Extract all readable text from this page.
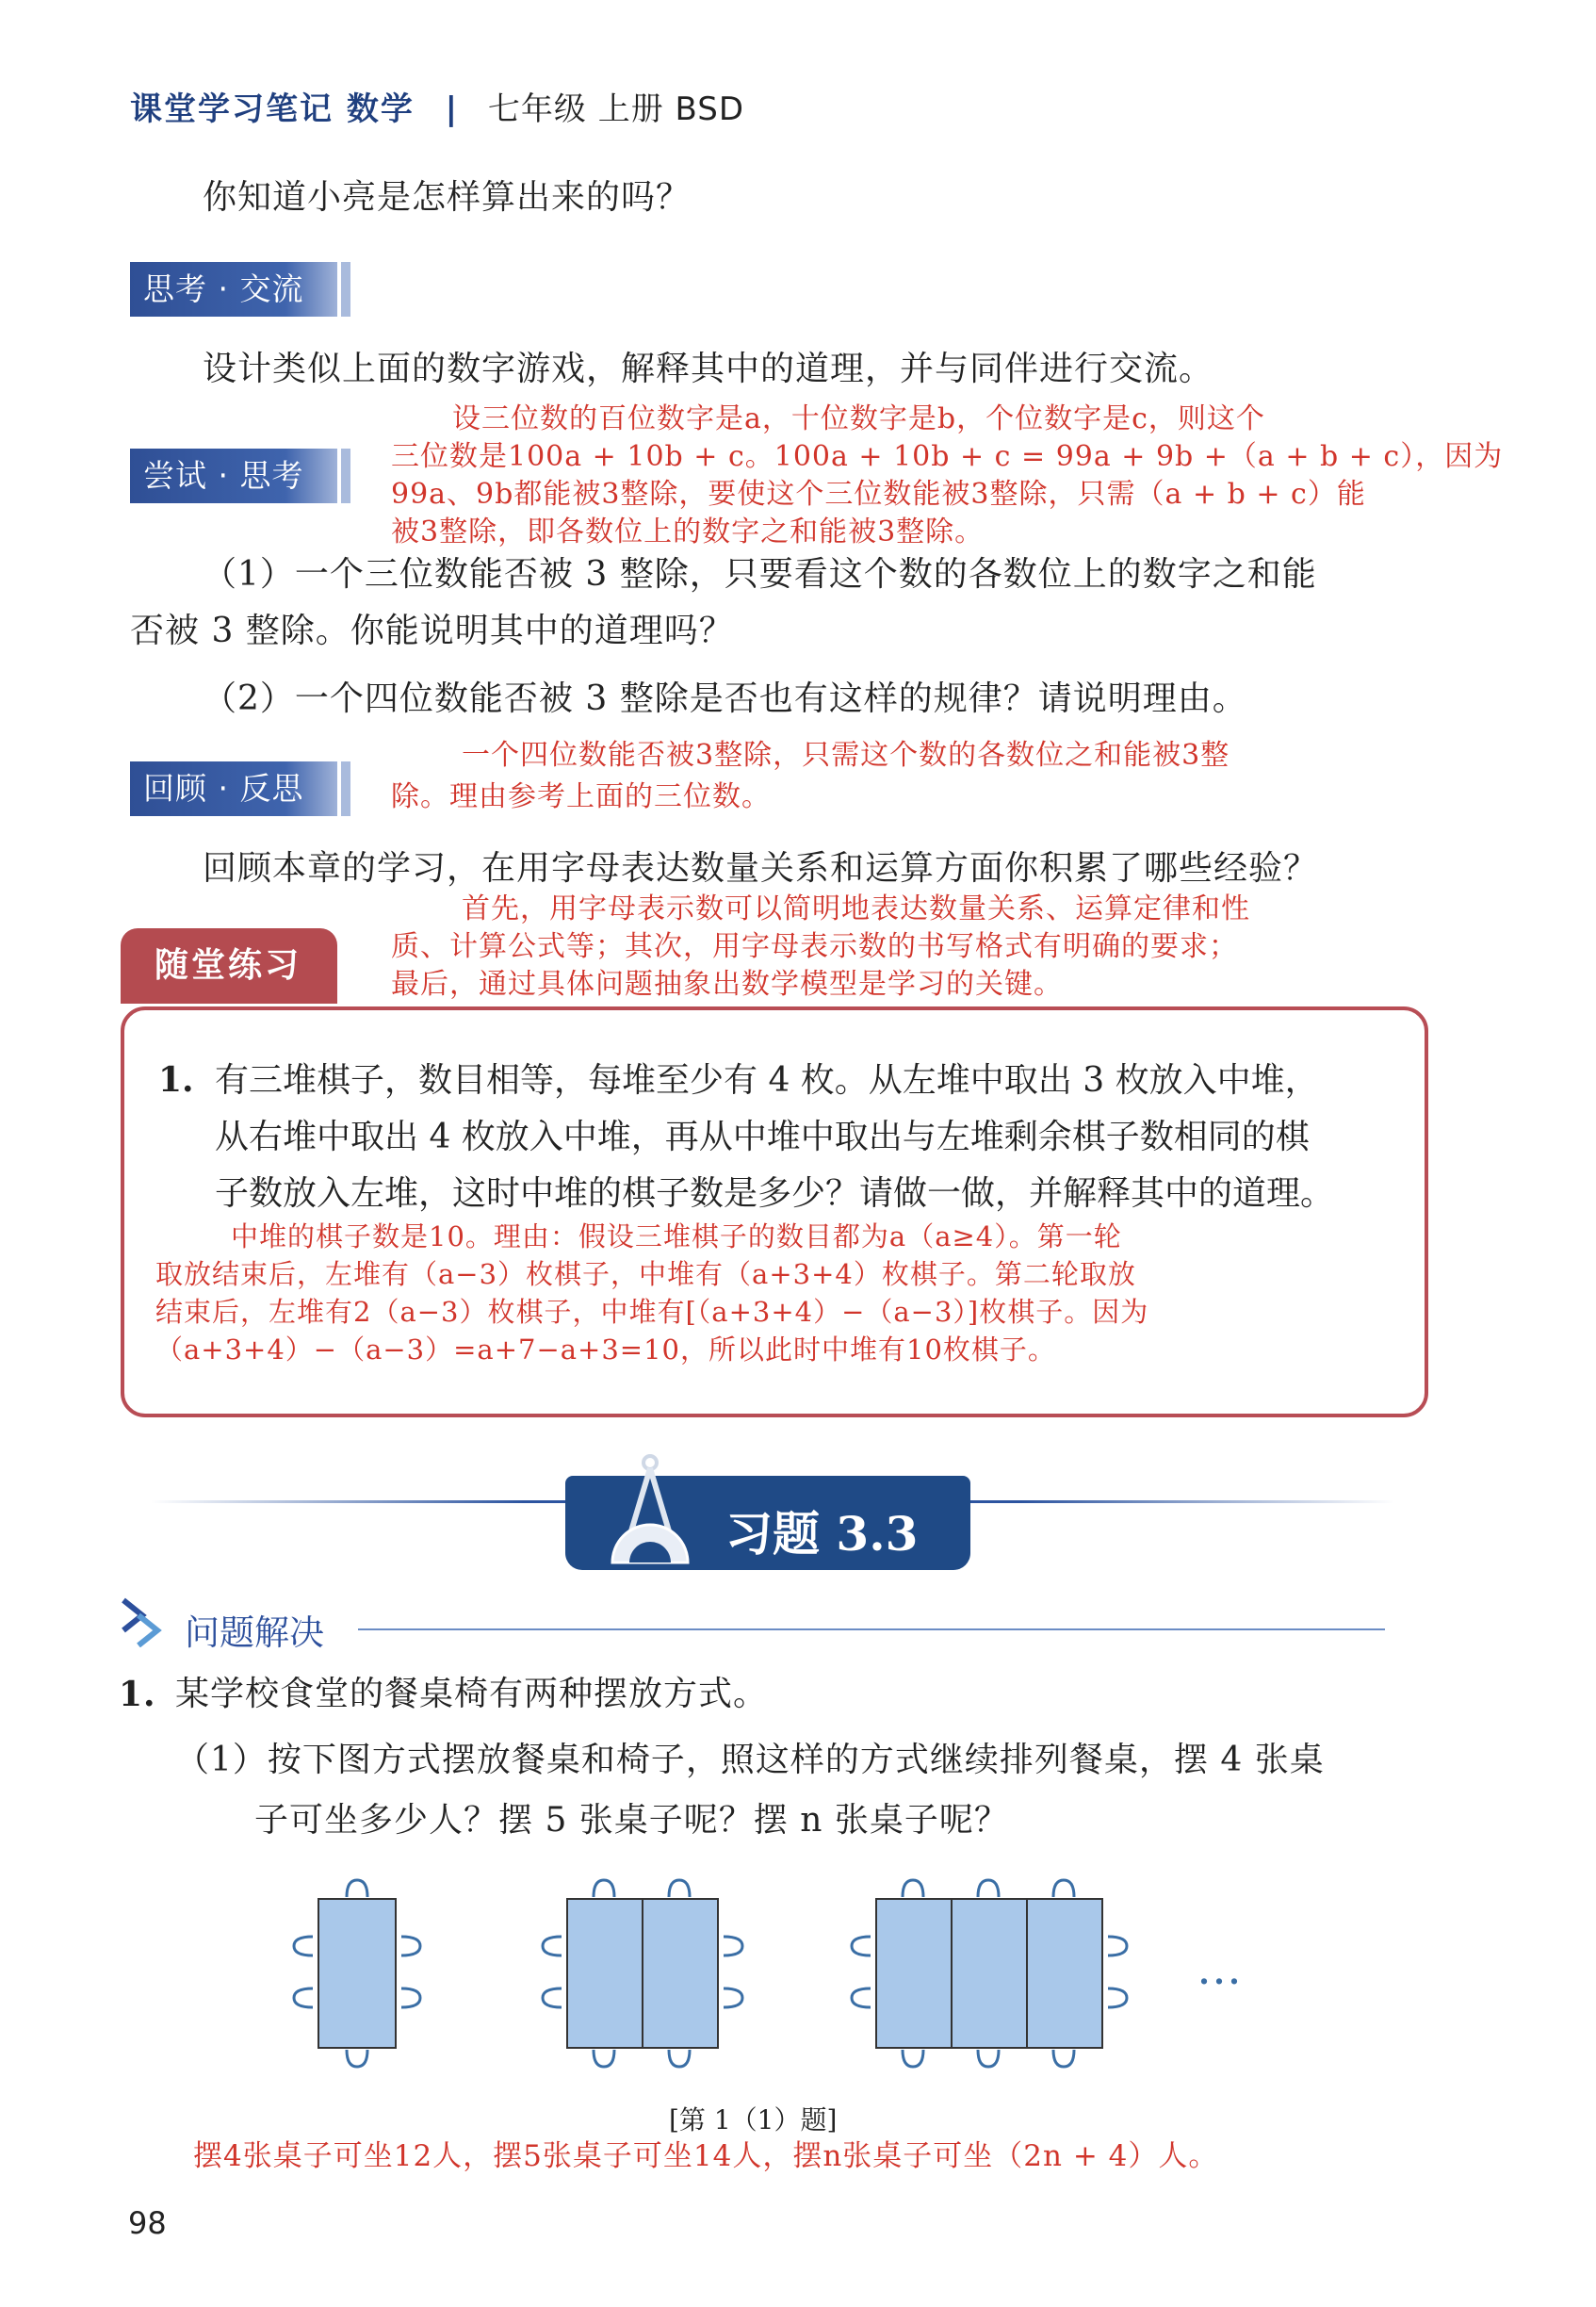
课堂学习笔记 数学 | 七年级 上册 BSD
你知道小亮是怎样算出来的吗？
思考 · 交流
设计类似上面的数字游戏，解释其中的道理，并与同伴进行交流。
设三位数的百位数字是a，十位数字是b，个位数字是c，则这个
三位数是100a + 10b + c。100a + 10b + c = 99a + 9b +（a + b + c），因为
99a、9b都能被3整除，要使这个三位数能被3整除，只需（a + b + c）能
被3整除，即各数位上的数字之和能被3整除。
尝试 · 思考
（1）一个三位数能否被 3 整除，只要看这个数的各数位上的数字之和能
否被 3 整除。你能说明其中的道理吗？
（2）一个四位数能否被 3 整除是否也有这样的规律？请说明理由。
一个四位数能否被3整除，只需这个数的各数位之和能被3整
除。理由参考上面的三位数。
回顾 · 反思
回顾本章的学习，在用字母表达数量关系和运算方面你积累了哪些经验？
首先，用字母表示数可以简明地表达数量关系、运算定律和性
质、计算公式等；其次，用字母表示数的书写格式有明确的要求；
最后，通过具体问题抽象出数学模型是学习的关键。
随堂练习
1. 有三堆棋子，数目相等，每堆至少有 4 枚。从左堆中取出 3 枚放入中堆，
从右堆中取出 4 枚放入中堆，再从中堆中取出与左堆剩余棋子数相同的棋
子数放入左堆，这时中堆的棋子数是多少？请做一做，并解释其中的道理。
中堆的棋子数是10。理由：假设三堆棋子的数目都为a（a≥4）。第一轮
取放结束后，左堆有（a−3）枚棋子，中堆有（a+3+4）枚棋子。第二轮取放
结束后，左堆有2（a−3）枚棋子，中堆有[（a+3+4）−（a−3）]枚棋子。因为
（a+3+4）−（a−3）=a+7−a+3=10，所以此时中堆有10枚棋子。
习题 3.3
问题解决
1. 某学校食堂的餐桌椅有两种摆放方式。
（1）按下图方式摆放餐桌和椅子，照这样的方式继续排列餐桌，摆 4 张桌
子可坐多少人？摆 5 张桌子呢？摆 n 张桌子呢？
…
[第 1（1）题]
摆4张桌子可坐12人，摆5张桌子可坐14人，摆n张桌子可坐（2n + 4）人。
98
